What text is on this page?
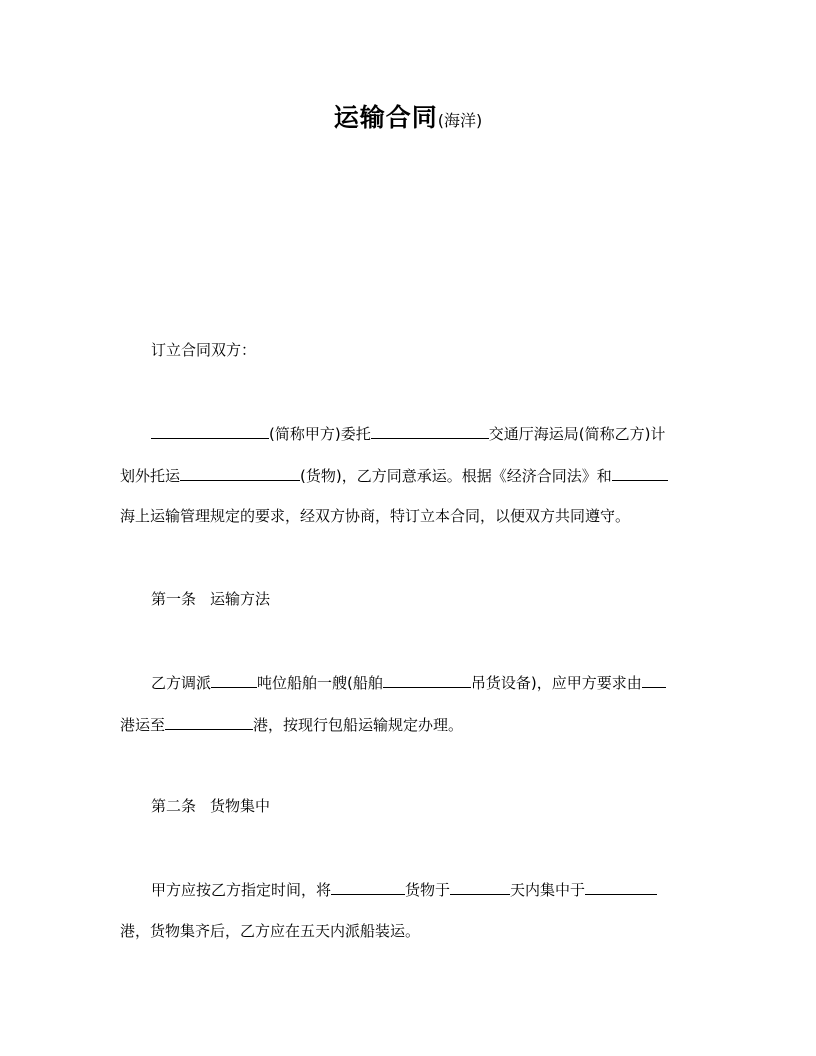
运输合同(海洋)
订立合同双方：
(简称甲方)委托	交通厅海运局(简称乙方)计
划外托运	(货物)，乙方同意承运。根据《经济合同法》和
海上运输管理规定的要求，经双方协商，特订立本合同，以便双方共同遵守。
第一条 运输方法
乙方调派	吨位船舶一艘(船舶	吊货设备)，应甲方要求由
港运至	港，按现行包船运输规定办理。
第二条 货物集中
甲方应按乙方指定时间，将	货物于	天内集中于
港，货物集齐后，乙方应在五天内派船装运。
